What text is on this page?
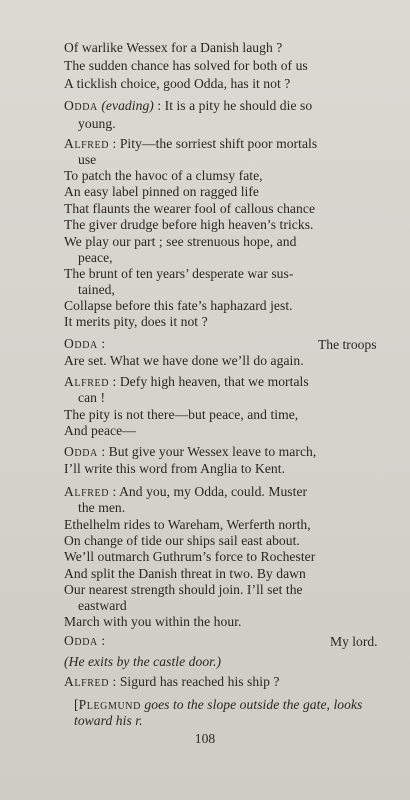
Of warlike Wessex for a Danish laugh ?
The sudden chance has solved for both of us
A ticklish choice, good Odda, has it not ?
Odda (evading) : It is a pity he should die so
young.
Alfred : Pity—the sorriest shift poor mortals
use
To patch the havoc of a clumsy fate,
An easy label pinned on ragged life
That flaunts the wearer fool of callous chance
The giver drudge before high heaven’s tricks.
We play our part ; see strenuous hope, and
peace,
The brunt of ten years’ desperate war sus-
tained,
Collapse before this fate’s haphazard jest.
It merits pity, does it not ?
Odda :	The troops
Are set. What we have done we’ll do again.
Alfred : Defy high heaven, that we mortals
can !
The pity is not there—but peace, and time,
And peace—
Odda : But give your Wessex leave to march,
I’ll write this word from Anglia to Kent.
Alfred : And you, my Odda, could. Muster
the men.
Ethelhelm rides to Wareham, Werferth north,
On change of tide our ships sail east about.
We’ll outmarch Guthrum’s force to Rochester
And split the Danish threat in two. By dawn
Our nearest strength should join. I’ll set the
eastward
March with you within the hour.
Odda :	My lord.
(He exits by the castle door.)
Alfred : Sigurd has reached his ship ?
[Plegmund goes to the slope outside the gate, looks
toward his r.
108
